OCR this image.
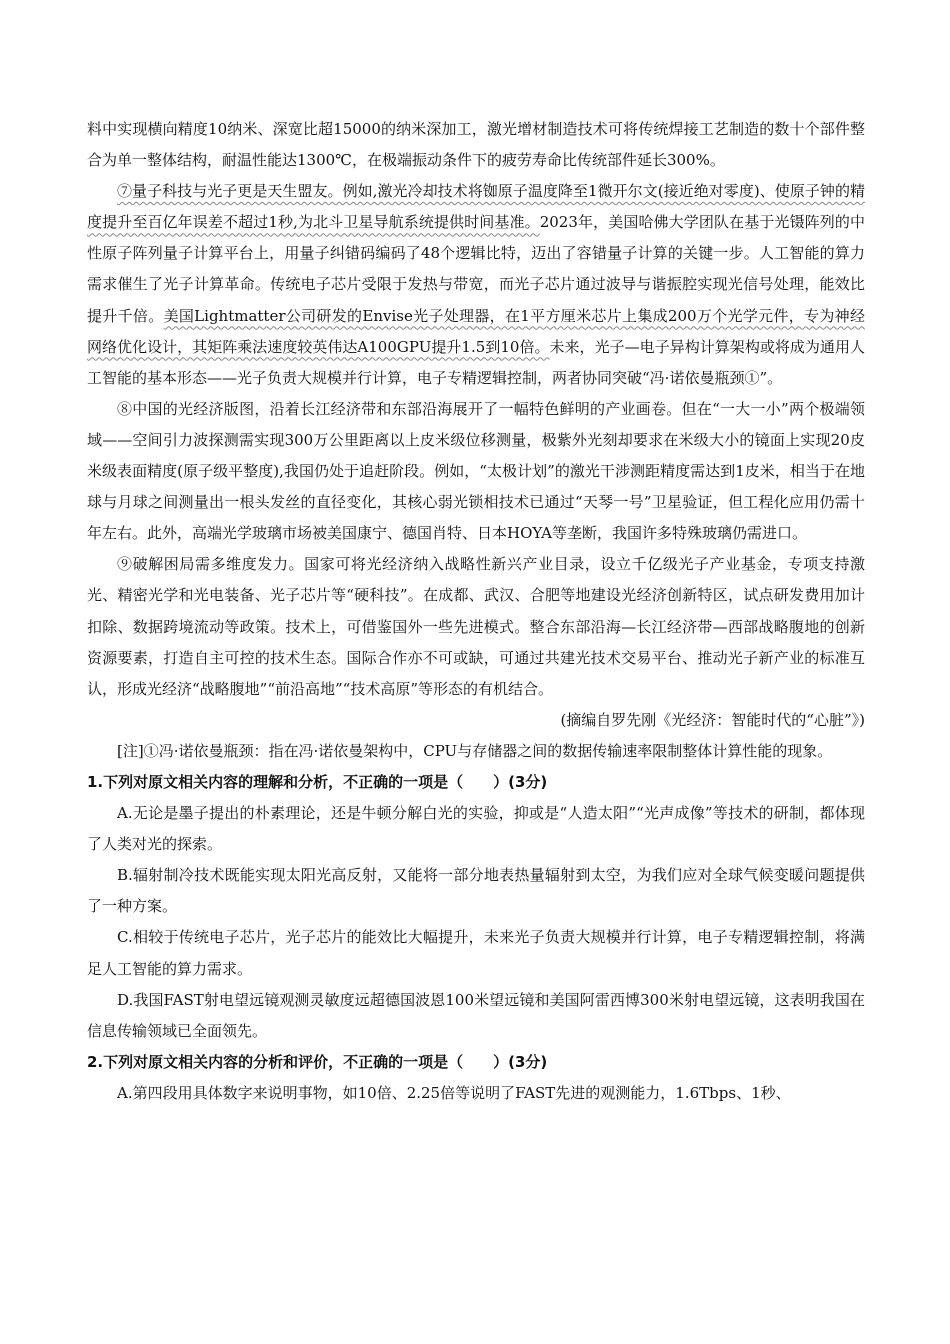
料中实现横向精度10纳米、深宽比超15000的纳米深加工，激光增材制造技术可将传统焊接工艺制造的数十个部件整合为单一整体结构，耐温性能达1300℃，在极端振动条件下的疲劳寿命比传统部件延长300%。

⑦量子科技与光子更是天生盟友。例如,激光冷却技术将铷原子温度降至1微开尔文(接近绝对零度)、使原子钟的精度提升至百亿年误差不超过1秒,为北斗卫星导航系统提供时间基准。2023年，美国哈佛大学团队在基于光镊阵列的中性原子阵列量子计算平台上，用量子纠错码编码了48个逻辑比特，迈出了容错量子计算的关键一步。人工智能的算力需求催生了光子计算革命。传统电子芯片受限于发热与带宽，而光子芯片通过波导与谐振腔实现光信号处理，能效比提升千倍。美国Lightmatter公司研发的Envise光子处理器，在1平方厘米芯片上集成200万个光学元件，专为神经网络优化设计，其矩阵乘法速度较英伟达A100GPU提升1.5到10倍。未来，光子—电子异构计算架构或将成为通用人工智能的基本形态——光子负责大规模并行计算，电子专精逻辑控制，两者协同突破“冯·诺依曼瓶颈①”。

⑧中国的光经济版图，沿着长江经济带和东部沿海展开了一幅特色鲜明的产业画卷。但在“一大一小”两个极端领域——空间引力波探测需实现300万公里距离以上皮米级位移测量，极紫外光刻却要求在米级大小的镜面上实现20皮米级表面精度(原子级平整度),我国仍处于追赶阶段。例如，“太极计划”的激光干涉测距精度需达到1皮米，相当于在地球与月球之间测量出一根头发丝的直径变化，其核心弱光锁相技术已通过“天琴一号”卫星验证，但工程化应用仍需十年左右。此外，高端光学玻璃市场被美国康宁、德国肖特、日本HOYA等垄断，我国许多特殊玻璃仍需进口。

⑨破解困局需多维度发力。国家可将光经济纳入战略性新兴产业目录，设立千亿级光子产业基金，专项支持激光、精密光学和光电装备、光子芯片等“硬科技”。在成都、武汉、合肥等地建设光经济创新特区，试点研发费用加计扣除、数据跨境流动等政策。技术上，可借鉴国外一些先进模式。整合东部沿海—长江经济带—西部战略腹地的创新资源要素，打造自主可控的技术生态。国际合作亦不可或缺，可通过共建光技术交易平台、推动光子新产业的标准互认，形成光经济“战略腹地”“前沿高地”“技术高原”等形态的有机结合。

(摘编自罗先刚《光经济：智能时代的“心脏”》)

[注]①冯·诺依曼瓶颈：指在冯·诺依曼架构中，CPU与存储器之间的数据传输速率限制整体计算性能的现象。

1.下列对原文相关内容的理解和分析，不正确的一项是（　　）(3分)

A.无论是墨子提出的朴素理论，还是牛顿分解白光的实验，抑或是“人造太阳”“光声成像”等技术的研制，都体现了人类对光的探索。

B.辐射制冷技术既能实现太阳光高反射，又能将一部分地表热量辐射到太空，为我们应对全球气候变暖问题提供了一种方案。

C.相较于传统电子芯片，光子芯片的能效比大幅提升，未来光子负责大规模并行计算，电子专精逻辑控制，将满足人工智能的算力需求。

D.我国FAST射电望远镜观测灵敏度远超德国波恩100米望远镜和美国阿雷西博300米射电望远镜，这表明我国在信息传输领域已全面领先。

2.下列对原文相关内容的分析和评价，不正确的一项是（　　）(3分)

A.第四段用具体数字来说明事物，如10倍、2.25倍等说明了FAST先进的观测能力，1.6Tbps、1秒、
